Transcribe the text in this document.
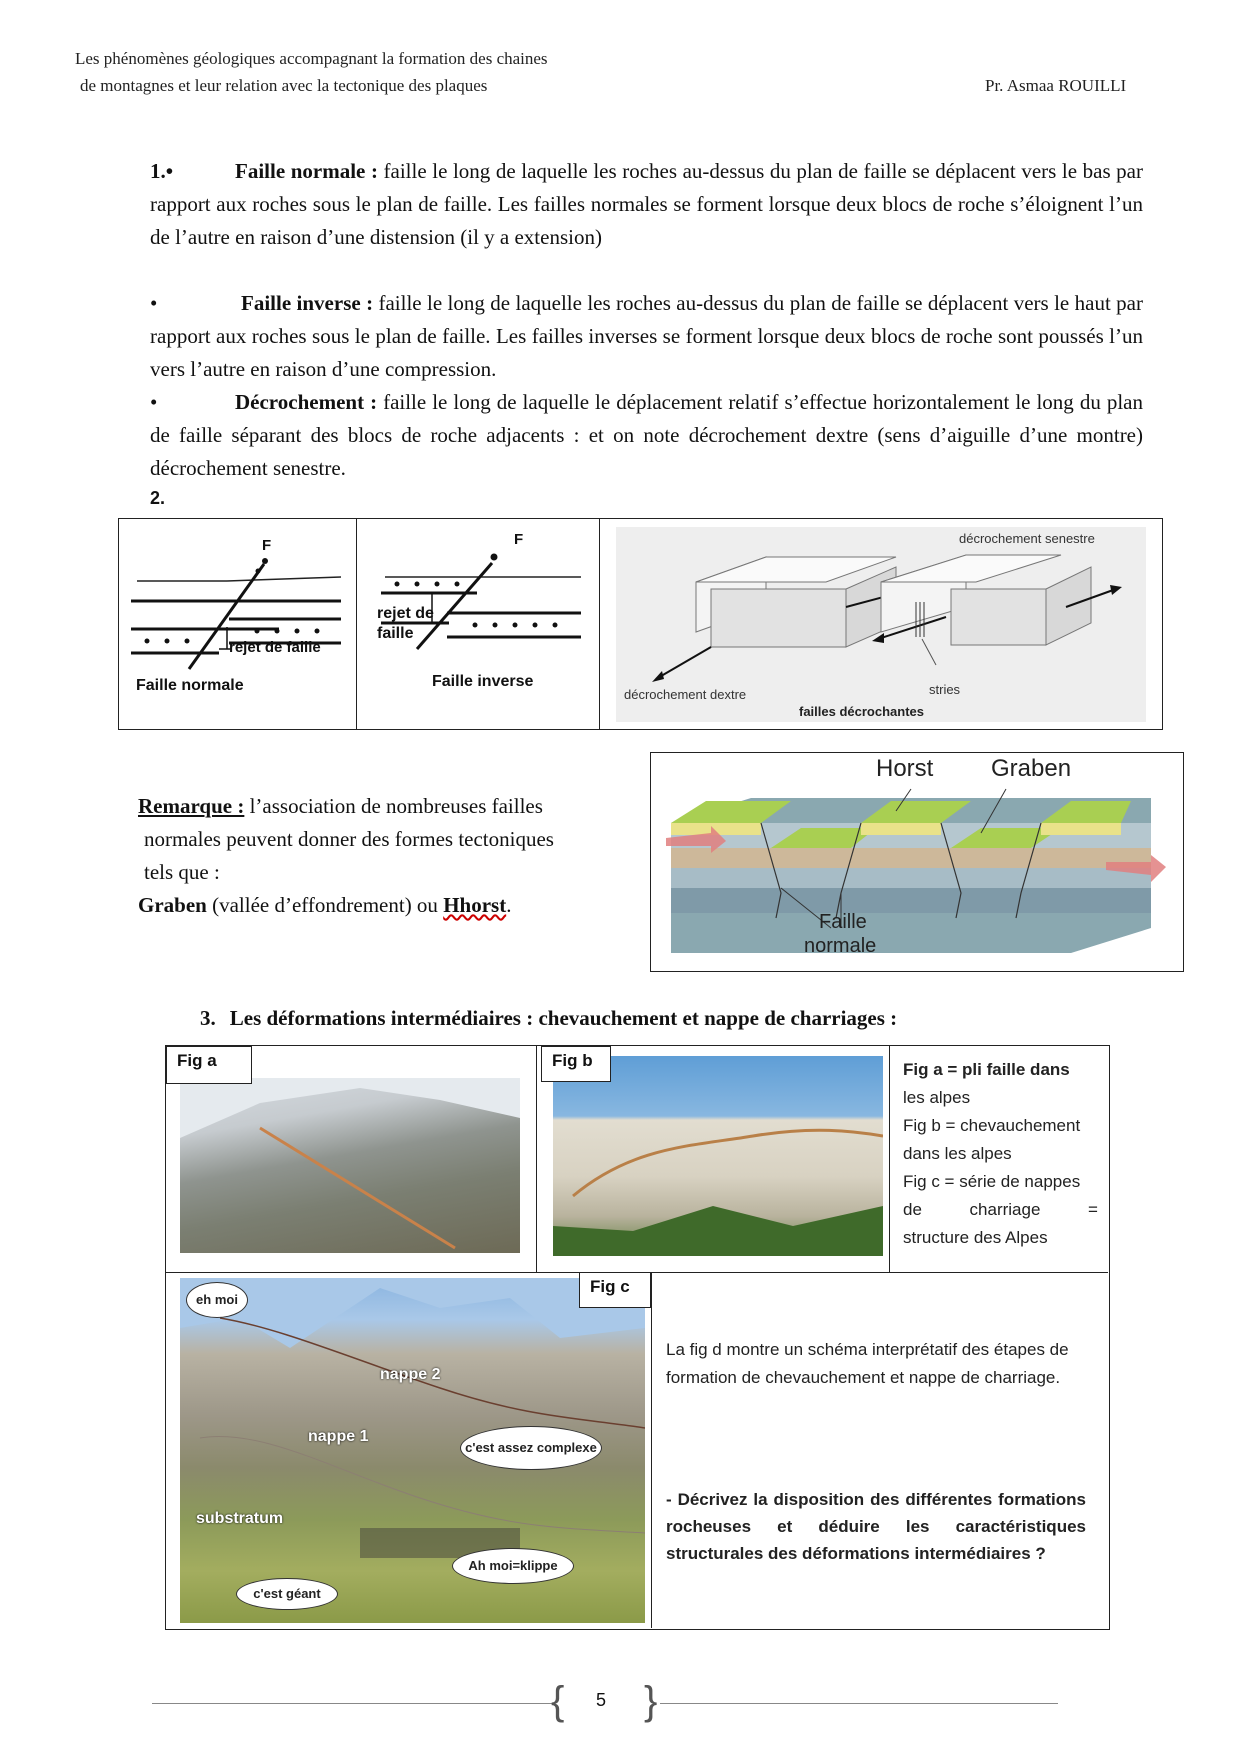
Les phénomènes géologiques accompagnant la formation des chaines
de montagnes et leur relation avec la tectonique des plaques	Pr. Asmaa ROUILLI
1.•	Faille normale : faille le long de laquelle les roches au-dessus du plan de faille se déplacent vers le bas par rapport aux roches sous le plan de faille. Les failles normales se forment lorsque deux blocs de roche s’éloignent l’un de l’autre en raison d’une distension (il y a extension)
•	Faille inverse : faille le long de laquelle les roches au-dessus du plan de faille se déplacent vers le haut par rapport aux roches sous le plan de faille. Les failles inverses se forment lorsque deux blocs de roche sont poussés l’un vers l’autre en raison d’une compression.
•	Décrochement : faille le long de laquelle le déplacement relatif s’effectue horizontalement le long du plan de faille séparant des blocs de roche adjacents : et on note décrochement dextre (sens d’aiguille d’une montre) décrochement senestre.
2.
F
rejet de faille
Faille normale
F
rejet de
faille
Faille inverse
décrochement senestre
décrochement dextre	stries
failles décrochantes
Remarque : l’association de nombreuses failles
normales peuvent donner des formes tectoniques
tels que :
Graben (vallée d’effondrement) ou Hhorst.
Horst Graben
Faille
normale
3. Les déformations intermédiaires : chevauchement et nappe de charriages :
Fig a	Fig b	Fig a = pli faille dans
les alpes
Fig b = chevauchement
dans les alpes
Fig c = série de nappes
de	charriage	=
structure des Alpes
eh moi
nappe 2
nappe 1
c'est assez complexe
substratum
c'est géant
Ah moi=klippe
Fig c
La fig d montre un schéma interprétatif des étapes de formation de chevauchement et nappe de charriage.
- Décrivez la disposition des différentes formations rocheuses et déduire les caractéristiques structurales des déformations intermédiaires ?
{ }
5
